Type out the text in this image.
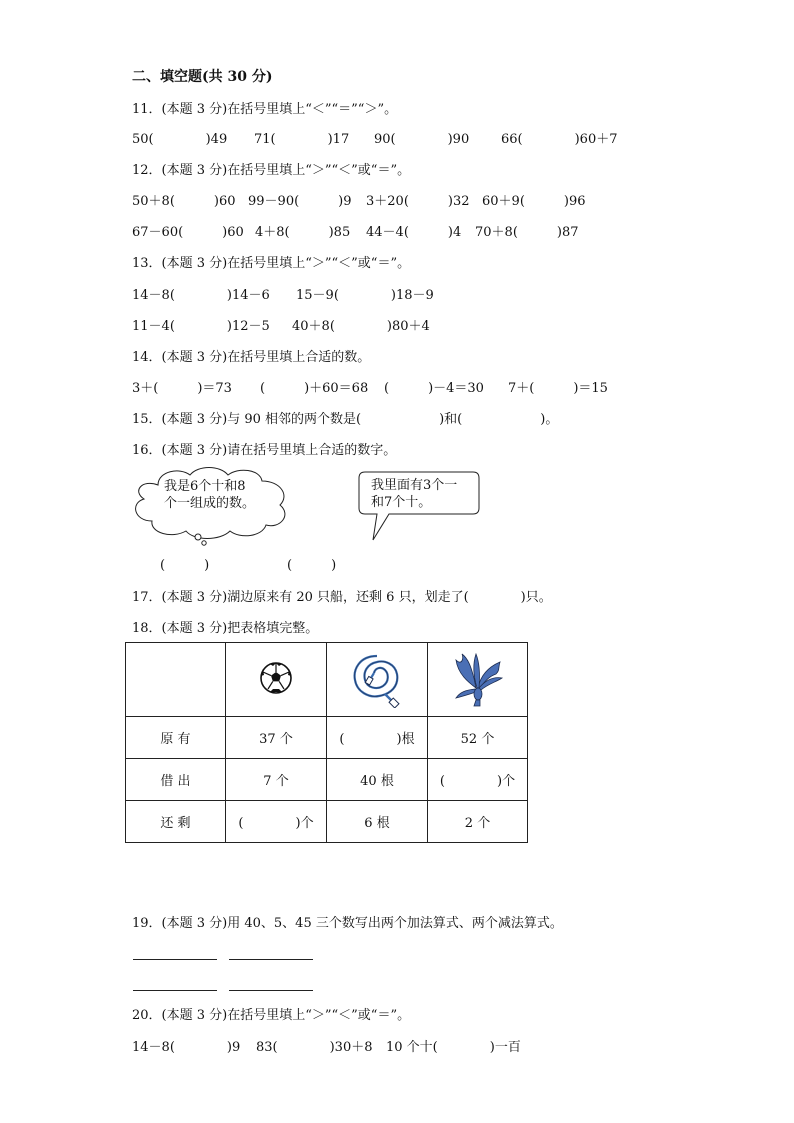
二、填空题(共 30 分)
11．(本题 3 分)在括号里填上“＜”“＝”“＞”。
50(　　　　)49 71(　　　　)17 90(　　　　)90 66(　　　　)60＋7
12．(本题 3 分)在括号里填上“＞”“＜”或“＝”。
50＋8(　　　)60 99－90(　　　)9 3＋20(　　　)32 60＋9(　　　)96
67－60(　　　)60 4＋8(　　　)85 44－4(　　　)4 70＋8(　　　)87
13．(本题 3 分)在括号里填上“＞”“＜”或“＝”。
14－8(　　　　)14－6 15－9(　　　　)18－9
11－4(　　　　)12－5 40＋8(　　　　)80＋4
14．(本题 3 分)在括号里填上合适的数。
3＋(　　　)＝73 (　　　)＋60＝68 (　　　)－4＝30 7＋(　　　)＝15
15．(本题 3 分)与 90 相邻的两个数是(　　　　　　)和(　　　　　　)。
16．(本题 3 分)请在括号里填上合适的数字。
我是6个十和8
个一组成的数。
我里面有3个一
和7个十。
(　　　)	(　　　)
17．(本题 3 分)湖边原来有 20 只船，还剩 6 只，划走了(　　　　)只。
18．(本题 3 分)把表格填完整。

原 有	37 个	(　　　　)根	52 个
借 出	7 个	40 根	(　　　　)个
还 剩	(　　　　)个	6 根	2 个
19．(本题 3 分)用 40、5、45 三个数写出两个加法算式、两个减法算式。
20．(本题 3 分)在括号里填上“＞”“＜”或“＝”。
14－8(　　　　)9 83(　　　　)30＋8 10 个十(　　　　)一百
